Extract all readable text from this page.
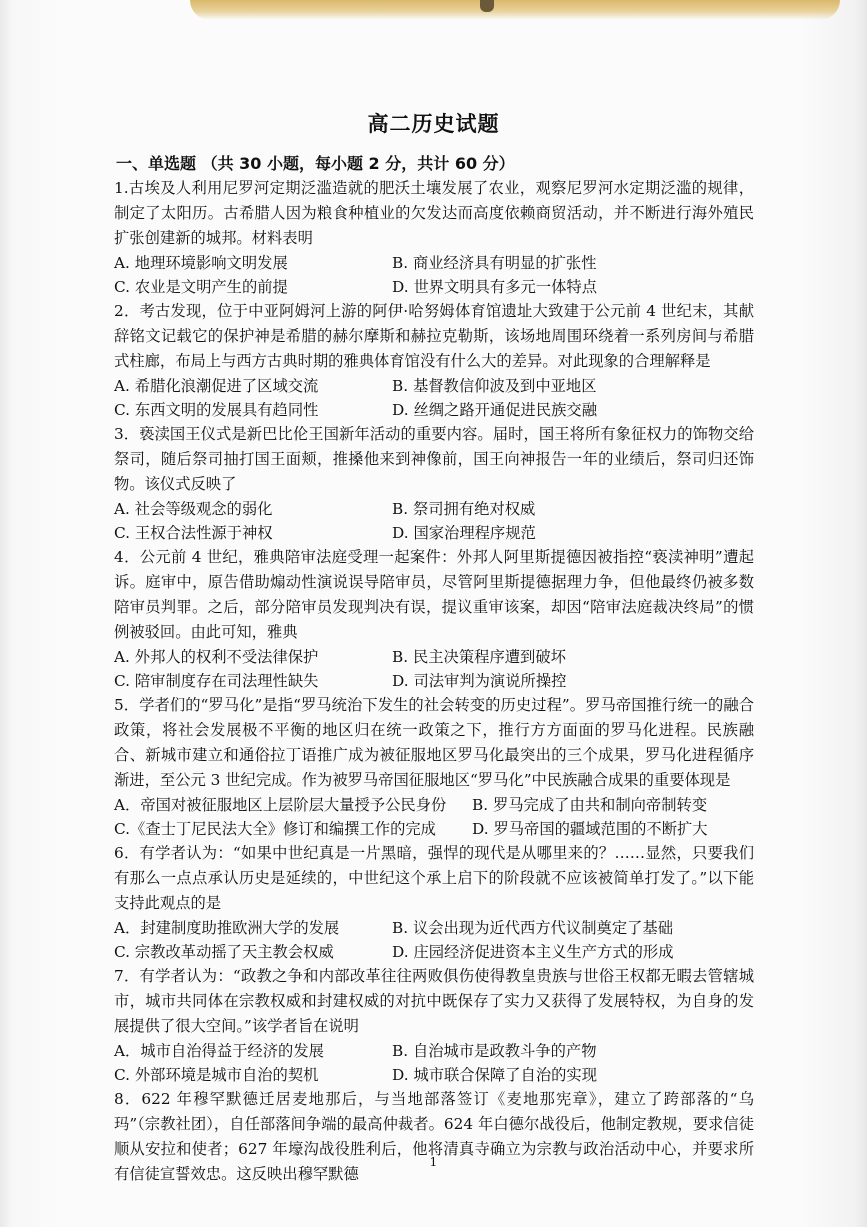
高二历史试题
一、单选题 （共 30 小题，每小题 2 分，共计 60 分）

1.古埃及人利用尼罗河定期泛滥造就的肥沃土壤发展了农业，观察尼罗河水定期泛滥的规律，制定了太阳历。古希腊人因为粮食种植业的欠发达而高度依赖商贸活动，并不断进行海外殖民扩张创建新的城邦。材料表明

A. 地理环境影响文明发展	B. 商业经济具有明显的扩张性
C. 农业是文明产生的前提	D. 世界文明具有多元一体特点

2．考古发现，位于中亚阿姆河上游的阿伊·哈努姆体育馆遗址大致建于公元前 4 世纪末，其献辞铭文记载它的保护神是希腊的赫尔摩斯和赫拉克勒斯，该场地周围环绕着一系列房间与希腊式柱廊，布局上与西方古典时期的雅典体育馆没有什么大的差异。对此现象的合理解释是

A. 希腊化浪潮促进了区域交流	B. 基督教信仰波及到中亚地区
C. 东西文明的发展具有趋同性	D. 丝绸之路开通促进民族交融

3．亵渎国王仪式是新巴比伦王国新年活动的重要内容。届时，国王将所有象征权力的饰物交给祭司，随后祭司抽打国王面颊，推搡他来到神像前，国王向神报告一年的业绩后，祭司归还饰物。该仪式反映了

A. 社会等级观念的弱化	B. 祭司拥有绝对权威
C. 王权合法性源于神权	D. 国家治理程序规范

4．公元前 4 世纪，雅典陪审法庭受理一起案件：外邦人阿里斯提德因被指控“亵渎神明”遭起诉。庭审中，原告借助煽动性演说误导陪审员，尽管阿里斯提德据理力争，但他最终仍被多数陪审员判罪。之后，部分陪审员发现判决有误，提议重审该案，却因“陪审法庭裁决终局”的惯例被驳回。由此可知，雅典

A. 外邦人的权利不受法律保护	B. 民主决策程序遭到破坏
C. 陪审制度存在司法理性缺失	D. 司法审判为演说所操控

5．学者们的“罗马化”是指“罗马统治下发生的社会转变的历史过程”。罗马帝国推行统一的融合政策，将社会发展极不平衡的地区归在统一政策之下，推行方方面面的罗马化进程。民族融合、新城市建立和通俗拉丁语推广成为被征服地区罗马化最突出的三个成果，罗马化进程循序渐进，至公元 3 世纪完成。作为被罗马帝国征服地区“罗马化”中民族融合成果的重要体现是

A．帝国对被征服地区上层阶层大量授予公民身份	B. 罗马完成了由共和制向帝制转变
C.《查士丁尼民法大全》修订和编撰工作的完成	D. 罗马帝国的疆域范围的不断扩大

6．有学者认为：“如果中世纪真是一片黑暗，强悍的现代是从哪里来的？……显然，只要我们有那么一点点承认历史是延续的，中世纪这个承上启下的阶段就不应该被简单打发了。”以下能支持此观点的是

A．封建制度助推欧洲大学的发展	B. 议会出现为近代西方代议制奠定了基础
C. 宗教改革动摇了天主教会权威	D. 庄园经济促进资本主义生产方式的形成

7．有学者认为：“政教之争和内部改革往往两败俱伤使得教皇贵族与世俗王权都无暇去管辖城市，城市共同体在宗教权威和封建权威的对抗中既保存了实力又获得了发展特权，为自身的发展提供了很大空间。”该学者旨在说明

A．城市自治得益于经济的发展	B. 自治城市是政教斗争的产物
C. 外部环境是城市自治的契机	D. 城市联合保障了自治的实现

8．622 年穆罕默德迁居麦地那后，与当地部落签订《麦地那宪章》，建立了跨部落的“乌玛”（宗教社团），自任部落间争端的最高仲裁者。624 年白德尔战役后，他制定教规，要求信徒顺从安拉和使者；627 年壕沟战役胜利后，他将清真寺确立为宗教与政治活动中心，并要求所有信徒宣誓效忠。这反映出穆罕默德

1
